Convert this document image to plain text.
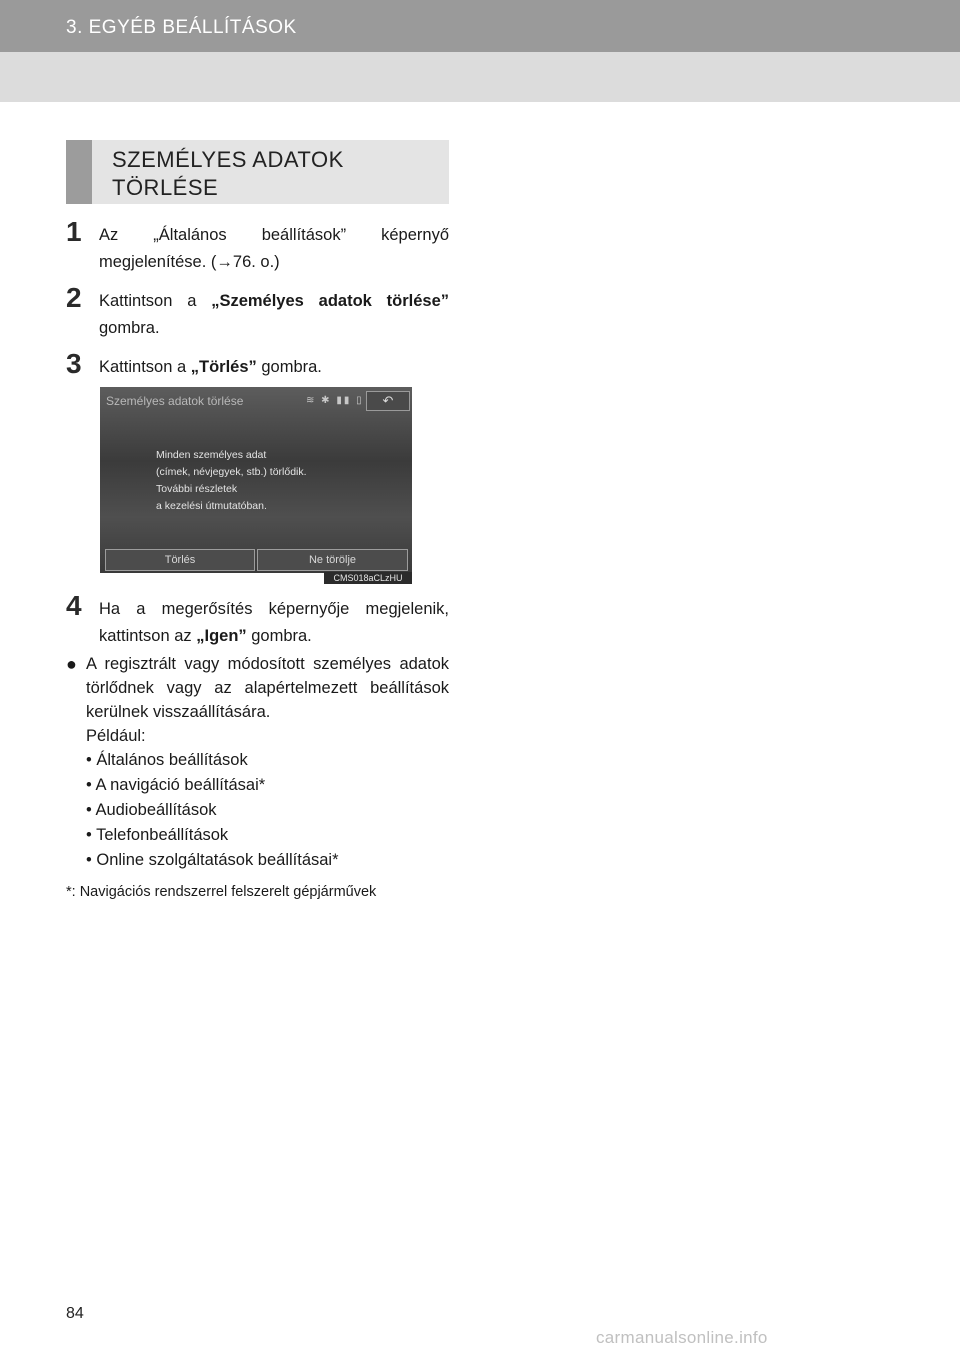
3. EGYÉB BEÁLLÍTÁSOK
SZEMÉLYES ADATOK TÖRLÉSE
1 Az „Általános beállítások” képernyő megjelenítése. (→76. o.)
2 Kattintson a „Személyes adatok törlése” gombra.
3 Kattintson a „Törlés” gombra.
Személyes adatok törlése	≋ ✱ ▮▮ ▯	↶
Minden személyes adat
(címek, névjegyek, stb.) törlődik.
További részletek
a kezelési útmutatóban.
Törlés	Ne törölje
CMS018aCLzHU
4 Ha a megerősítés képernyője megjelenik, kattintson az „Igen” gombra.
● A regisztrált vagy módosított személyes adatok törlődnek vagy az alapértelmezett beállítások kerülnek visszaállítására.
Például:
• Általános beállítások
• A navigáció beállításai*
• Audiobeállítások
• Telefonbeállítások
• Online szolgáltatások beállításai*
*: Navigációs rendszerrel felszerelt gépjárművek
84
carmanualsonline.info
